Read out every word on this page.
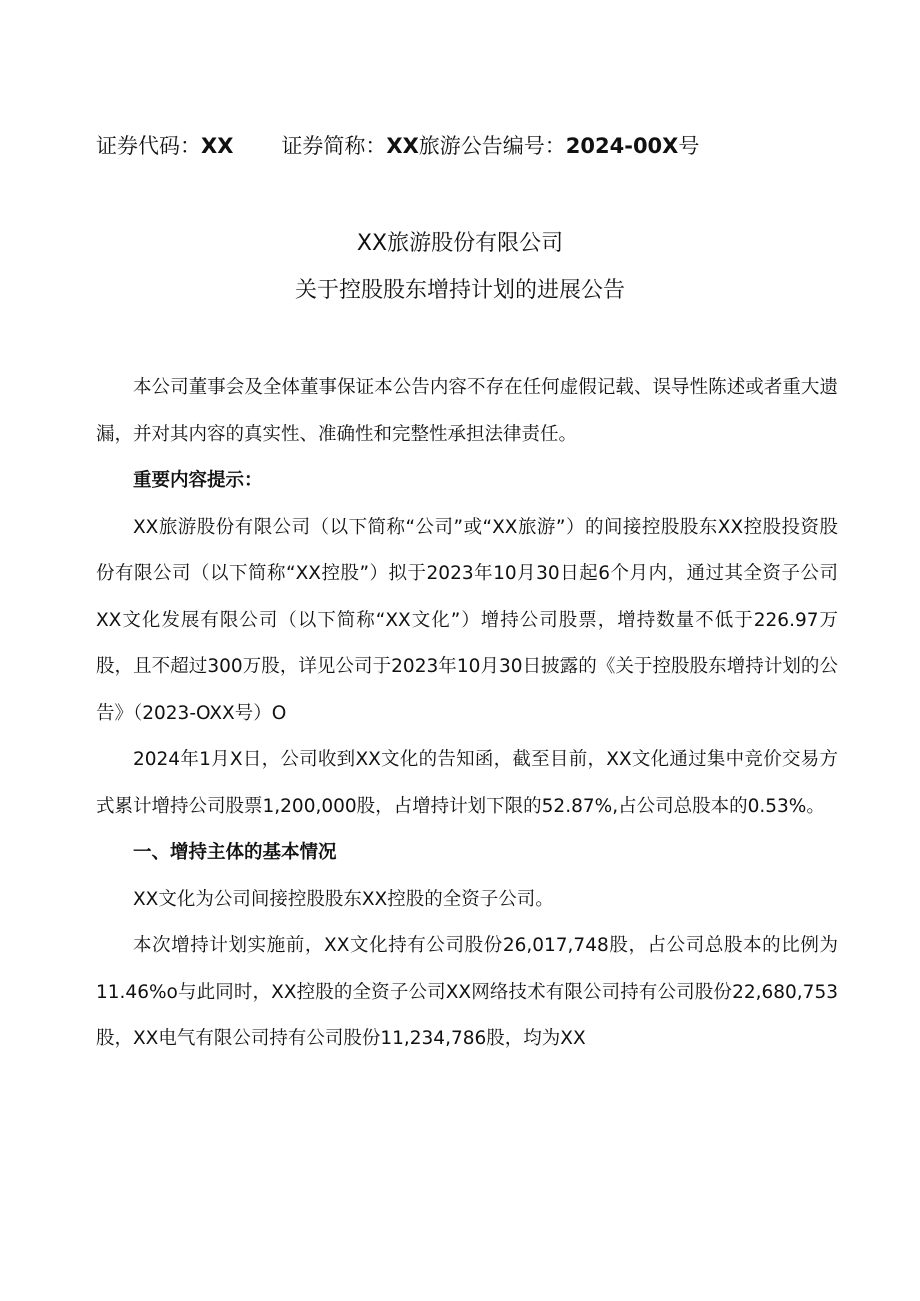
证券代码：XX 证券简称：XX旅游公告编号：2024-00X号
XX旅游股份有限公司
关于控股股东增持计划的进展公告

本公司董事会及全体董事保证本公告内容不存在任何虚假记载、误导性陈述或者重大遗漏，并对其内容的真实性、准确性和完整性承担法律责任。

重要内容提示：

XX旅游股份有限公司（以下简称“公司”或“XX旅游”）的间接控股股东XX控股投资股份有限公司（以下简称“XX控股”）拟于2023年10月30日起6个月内，通过其全资子公司XX文化发展有限公司（以下简称“XX文化”）增持公司股票，增持数量不低于226.97万股，且不超过300万股，详见公司于2023年10月30日披露的《关于控股股东增持计划的公告》（2023-OXX号）O

2024年1月X日，公司收到XX文化的告知函，截至目前，XX文化通过集中竞价交易方式累计增持公司股票1,200,000股，占增持计划下限的52.87%,占公司总股本的0.53%。

一、增持主体的基本情况

XX文化为公司间接控股股东XX控股的全资子公司。

本次增持计划实施前，XX文化持有公司股份26,017,748股，占公司总股本的比例为11.46%o与此同时，XX控股的全资子公司XX网络技术有限公司持有公司股份22,680,753股，XX电气有限公司持有公司股份11,234,786股，均为XX
